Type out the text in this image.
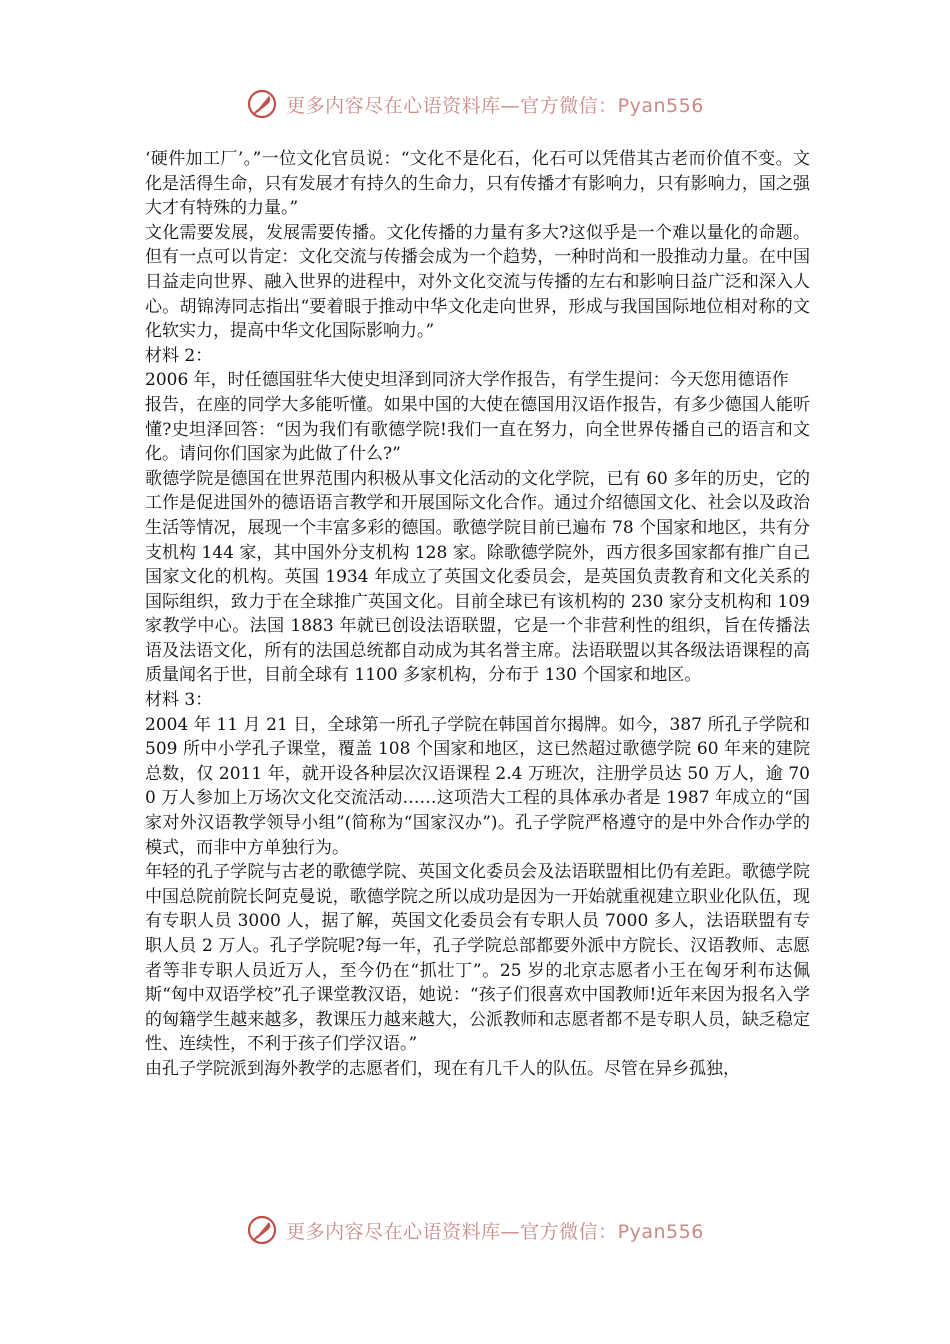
更多内容尽在心语资料库—官方微信：Pyan556

‘硬件加工厂’。”一位文化官员说：“文化不是化石，化石可以凭借其古老而价值不变。文化是活得生命，只有发展才有持久的生命力，只有传播才有影响力，只有影响力，国之强大才有特殊的力量。”

文化需要发展，发展需要传播。文化传播的力量有多大?这似乎是一个难以量化的命题。但有一点可以肯定：文化交流与传播会成为一个趋势，一种时尚和一股推动力量。在中国日益走向世界、融入世界的进程中，对外文化交流与传播的左右和影响日益广泛和深入人心。胡锦涛同志指出“要着眼于推动中华文化走向世界，形成与我国国际地位相对称的文化软实力，提高中华文化国际影响力。”

材料 2：

2006 年，时任德国驻华大使史坦泽到同济大学作报告，有学生提问：今天您用德语作

报告，在座的同学大多能听懂。如果中国的大使在德国用汉语作报告，有多少德国人能听懂?史坦泽回答：“因为我们有歌德学院!我们一直在努力，向全世界传播自己的语言和文化。请问你们国家为此做了什么?”

歌德学院是德国在世界范围内积极从事文化活动的文化学院，已有 60 多年的历史，它的工作是促进国外的德语语言教学和开展国际文化合作。通过介绍德国文化、社会以及政治生活等情况，展现一个丰富多彩的德国。歌德学院目前已遍布 78 个国家和地区，共有分支机构 144 家，其中国外分支机构 128 家。除歌德学院外，西方很多国家都有推广自己国家文化的机构。英国 1934 年成立了英国文化委员会，是英国负责教育和文化关系的国际组织，致力于在全球推广英国文化。目前全球已有该机构的 230 家分支机构和 109 家教学中心。法国 1883 年就已创设法语联盟，它是一个非营利性的组织，旨在传播法语及法语文化，所有的法国总统都自动成为其名誉主席。法语联盟以其各级法语课程的高质量闻名于世，目前全球有 1100 多家机构，分布于 130 个国家和地区。

材料 3：

2004 年 11 月 21 日，全球第一所孔子学院在韩国首尔揭牌。如今，387 所孔子学院和 509 所中小学孔子课堂，覆盖 108 个国家和地区，这已然超过歌德学院 60 年来的建院总数，仅 2011 年，就开设各种层次汉语课程 2.4 万班次，注册学员达 50 万人，逾 700 万人参加上万场次文化交流活动……这项浩大工程的具体承办者是 1987 年成立的“国家对外汉语教学领导小组”(简称为“国家汉办”)。孔子学院严格遵守的是中外合作办学的模式，而非中方单独行为。

年轻的孔子学院与古老的歌德学院、英国文化委员会及法语联盟相比仍有差距。歌德学院中国总院前院长阿克曼说，歌德学院之所以成功是因为一开始就重视建立职业化队伍，现有专职人员 3000 人，据了解，英国文化委员会有专职人员 7000 多人，法语联盟有专职人员 2 万人。孔子学院呢?每一年，孔子学院总部都要外派中方院长、汉语教师、志愿者等非专职人员近万人，至今仍在“抓壮丁”。25 岁的北京志愿者小王在匈牙利布达佩斯“匈中双语学校”孔子课堂教汉语，她说：“孩子们很喜欢中国教师!近年来因为报名入学的匈籍学生越来越多，教课压力越来越大，公派教师和志愿者都不是专职人员，缺乏稳定性、连续性，不利于孩子们学汉语。”

由孔子学院派到海外教学的志愿者们，现在有几千人的队伍。尽管在异乡孤独，

更多内容尽在心语资料库—官方微信：Pyan556
